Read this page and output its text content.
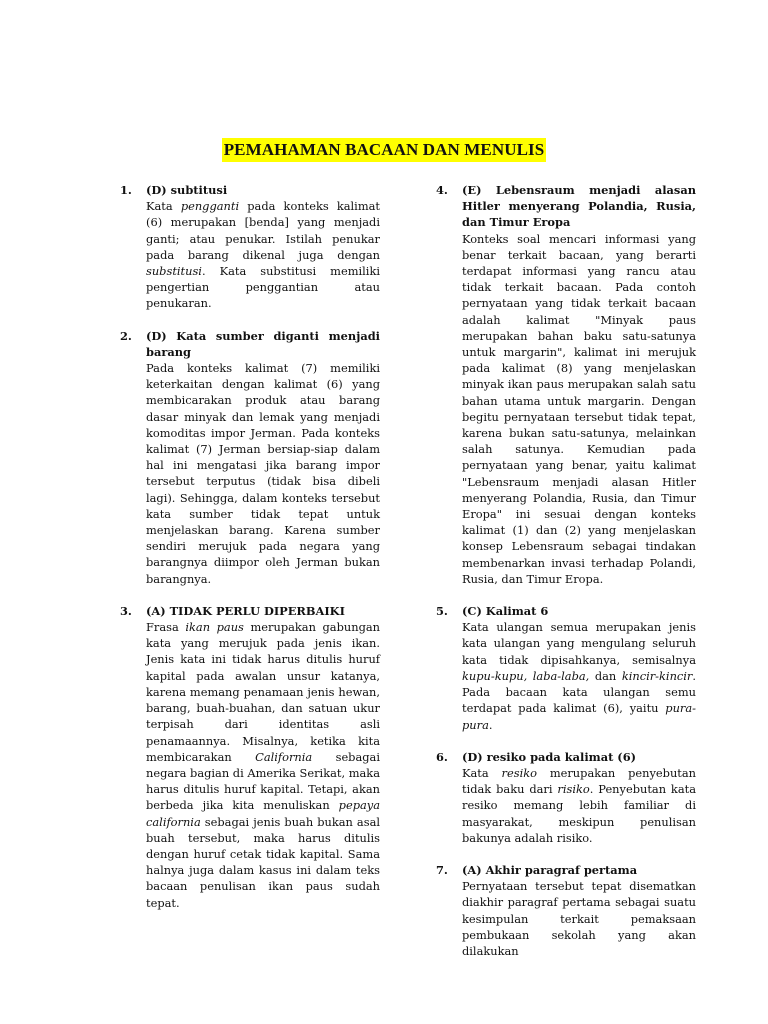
PEMAHAMAN BACAAN DAN MENULIS
1. (D) subtitusi
Kata pengganti pada konteks kalimat (6) merupakan [benda] yang menjadi ganti; atau penukar. Istilah penukar pada barang dikenal juga dengan substitusi. Kata substitusi memiliki pengertian penggantian atau penukaran.
2. (D) Kata sumber diganti menjadi barang
Pada konteks kalimat (7) memiliki keterkaitan dengan kalimat (6) yang membicarakan produk atau barang dasar minyak dan lemak yang menjadi komoditas impor Jerman. Pada konteks kalimat (7) Jerman bersiap-siap dalam hal ini mengatasi jika barang impor tersebut terputus (tidak bisa dibeli lagi). Sehingga, dalam konteks tersebut kata sumber tidak tepat untuk menjelaskan barang. Karena sumber sendiri merujuk pada negara yang barangnya diimpor oleh Jerman bukan barangnya.
3. (A) TIDAK PERLU DIPERBAIKI
Frasa ikan paus merupakan gabungan kata yang merujuk pada jenis ikan. Jenis kata ini tidak harus ditulis huruf kapital pada awalan unsur katanya, karena memang penamaan jenis hewan, barang, buah-buahan, dan satuan ukur terpisah dari identitas asli penamaannya. Misalnya, ketika kita membicarakan California sebagai negara bagian di Amerika Serikat, maka harus ditulis huruf kapital. Tetapi, akan berbeda jika kita menuliskan pepaya california sebagai jenis buah bukan asal buah tersebut, maka harus ditulis dengan huruf cetak tidak kapital. Sama halnya juga dalam kasus ini dalam teks bacaan penulisan ikan paus sudah tepat.
4. (E) Lebensraum menjadi alasan Hitler menyerang Polandia, Rusia, dan Timur Eropa
Konteks soal mencari informasi yang benar terkait bacaan, yang berarti terdapat informasi yang rancu atau tidak terkait bacaan. Pada contoh pernyataan yang tidak terkait bacaan adalah kalimat "Minyak paus merupakan bahan baku satu-satunya untuk margarin", kalimat ini merujuk pada kalimat (8) yang menjelaskan minyak ikan paus merupakan salah satu bahan utama untuk margarin. Dengan begitu pernyataan tersebut tidak tepat, karena bukan satu-satunya, melainkan salah satunya. Kemudian pada pernyataan yang benar, yaitu kalimat "Lebensraum menjadi alasan Hitler menyerang Polandia, Rusia, dan Timur Eropa" ini sesuai dengan konteks kalimat (1) dan (2) yang menjelaskan konsep Lebensraum sebagai tindakan membenarkan invasi terhadap Polandi, Rusia, dan Timur Eropa.
5. (C) Kalimat 6
Kata ulangan semua merupakan jenis kata ulangan yang mengulang seluruh kata tidak dipisahkanya, semisalnya kupu-kupu, laba-laba, dan kincir-kincir. Pada bacaan kata ulangan semu terdapat pada kalimat (6), yaitu pura-pura.
6. (D) resiko pada kalimat (6)
Kata resiko merupakan penyebutan tidak baku dari risiko. Penyebutan kata resiko memang lebih familiar di masyarakat, meskipun penulisan bakunya adalah risiko.
7. (A) Akhir paragraf pertama
Pernyataan tersebut tepat disematkan diakhir paragraf pertama sebagai suatu kesimpulan terkait pemaksaan pembukaan sekolah yang akan dilakukan
